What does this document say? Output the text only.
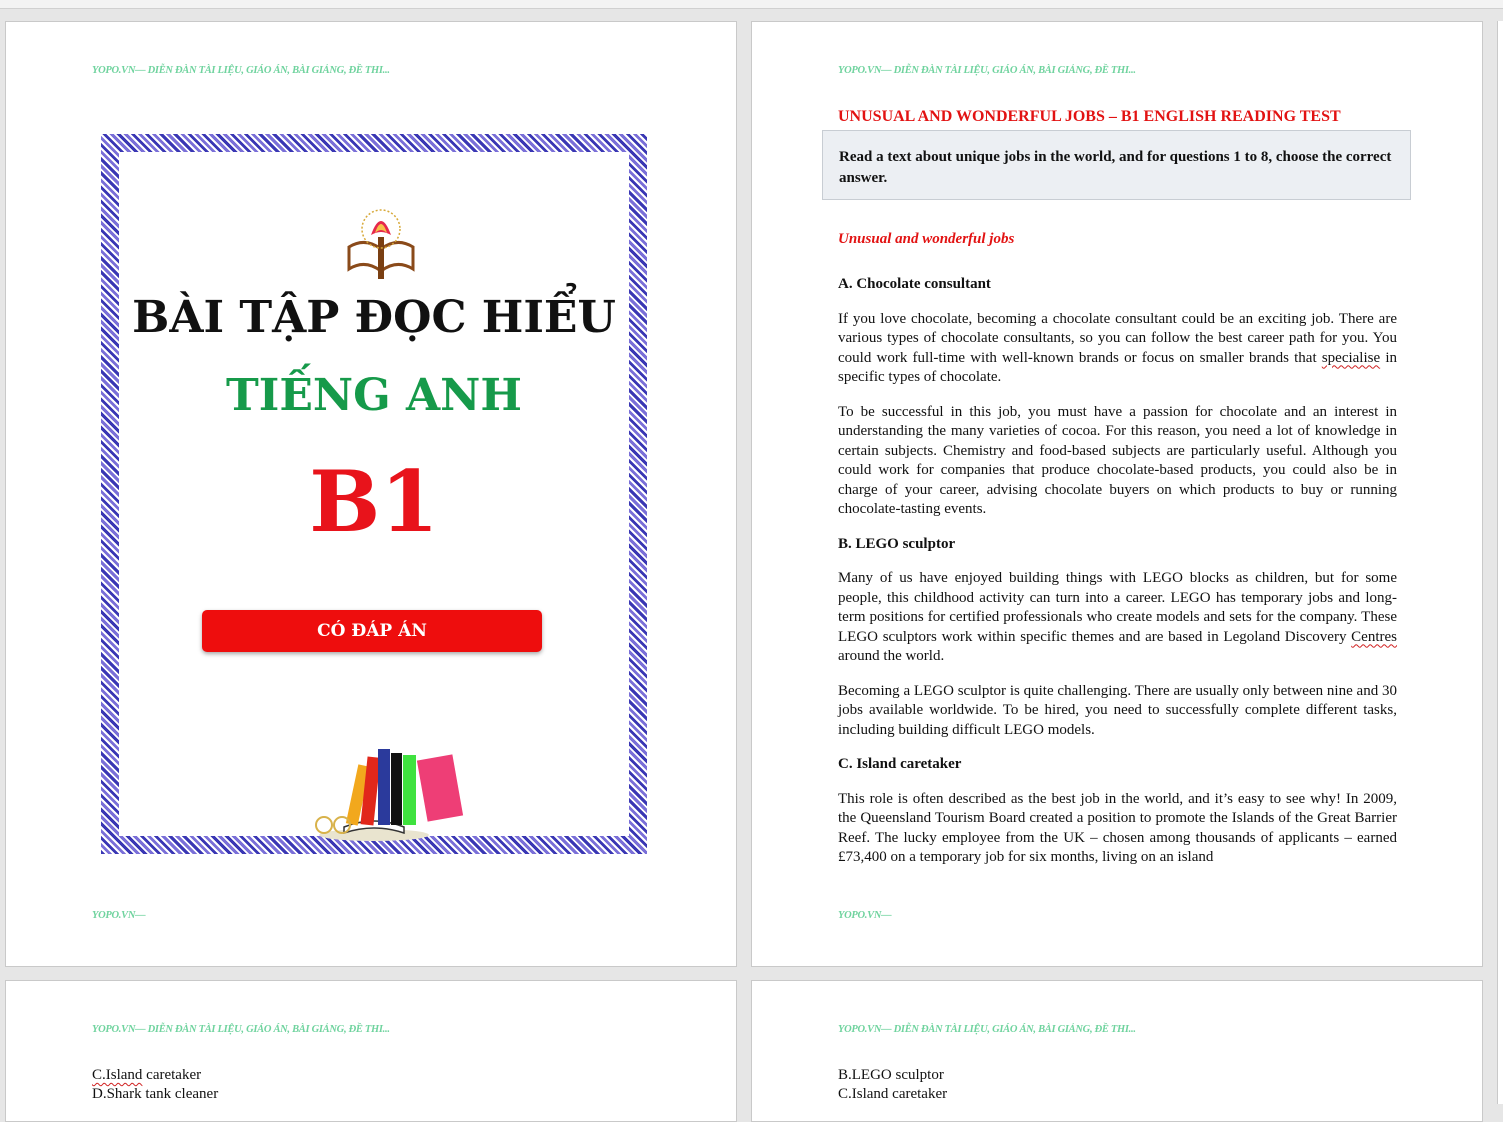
YOPO.VN— DIỄN ĐÀN TÀI LIỆU, GIÁO ÁN, BÀI GIẢNG, ĐỀ THI...
BÀI TẬP ĐỌC HIỂU
TIẾNG ANH
B1
CÓ ĐÁP ÁN
YOPO.VN—
YOPO.VN— DIỄN ĐÀN TÀI LIỆU, GIÁO ÁN, BÀI GIẢNG, ĐỀ THI...
UNUSUAL AND WONDERFUL JOBS – B1 ENGLISH READING TEST
Read a text about unique jobs in the world, and for questions 1 to 8, choose the correct answer.
Unusual and wonderful jobs
A. Chocolate consultant

If you love chocolate, becoming a chocolate consultant could be an exciting job. There are various types of chocolate consultants, so you can follow the best career path for you. You could work full-time with well-known brands or focus on smaller brands that specialise in specific types of chocolate.

To be successful in this job, you must have a passion for chocolate and an interest in understanding the many varieties of cocoa. For this reason, you need a lot of knowledge in certain subjects. Chemistry and food-based subjects are particularly useful. Although you could work for companies that produce chocolate-based products, you could also be in charge of your career, advising chocolate buyers on which products to buy or running chocolate-tasting events.

B. LEGO sculptor

Many of us have enjoyed building things with LEGO blocks as children, but for some people, this childhood activity can turn into a career. LEGO has temporary jobs and long-term positions for certified professionals who create models and sets for the company. These LEGO sculptors work within specific themes and are based in Legoland Discovery Centres around the world.

Becoming a LEGO sculptor is quite challenging. There are usually only between nine and 30 jobs available worldwide. To be hired, you need to successfully complete different tasks, including building difficult LEGO models.

C. Island caretaker

This role is often described as the best job in the world, and it’s easy to see why! In 2009, the Queensland Tourism Board created a position to promote the Islands of the Great Barrier Reef. The lucky employee from the UK – chosen among thousands of applicants – earned £73,400 on a temporary job for six months, living on an island

YOPO.VN—
YOPO.VN— DIỄN ĐÀN TÀI LIỆU, GIÁO ÁN, BÀI GIẢNG, ĐỀ THI...
C.Island caretaker
D.Shark tank cleaner
YOPO.VN— DIỄN ĐÀN TÀI LIỆU, GIÁO ÁN, BÀI GIẢNG, ĐỀ THI...
B.LEGO sculptor
C.Island caretaker
